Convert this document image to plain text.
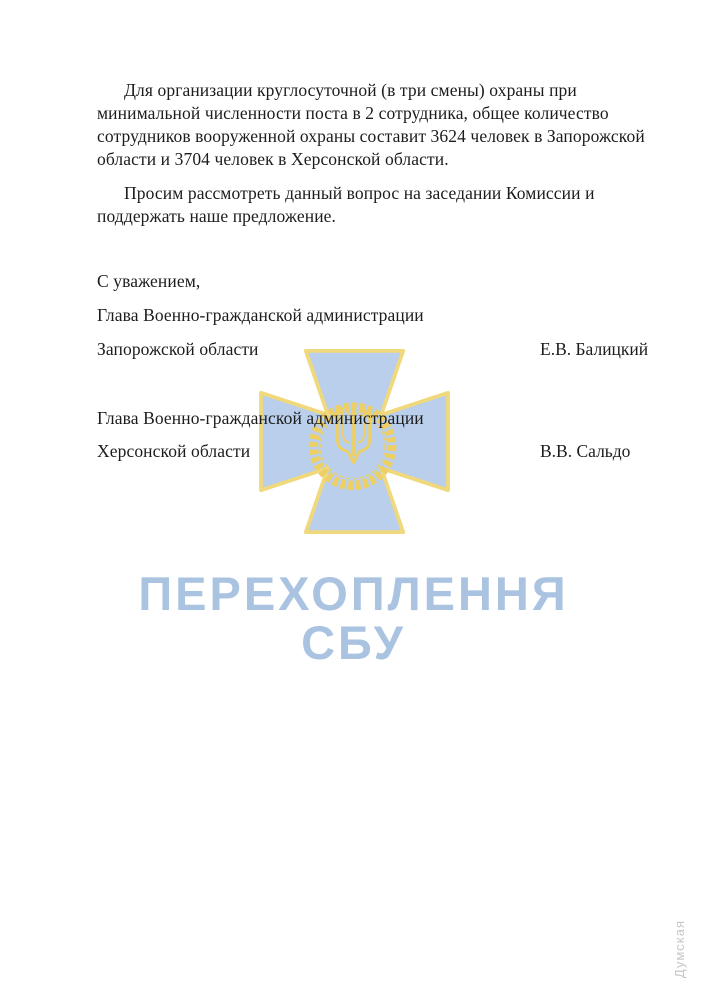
ПЕРЕХОПЛЕННЯ
СБУ

Для организации круглосуточной (в три смены) охраны при минимальной численности поста в 2 сотрудника, общее количество сотрудников вооруженной охраны составит 3624 человек в Запорожской области и 3704 человек в Херсонской области.

Просим рассмотреть данный вопрос на заседании Комиссии и поддержать наше предложение.

С уважением,

Глава Военно-гражданской администрации

Запорожской области	Е.В. Балицкий

Глава Военно-гражданской администрации

Херсонской области	В.В. Сальдо

Думская
